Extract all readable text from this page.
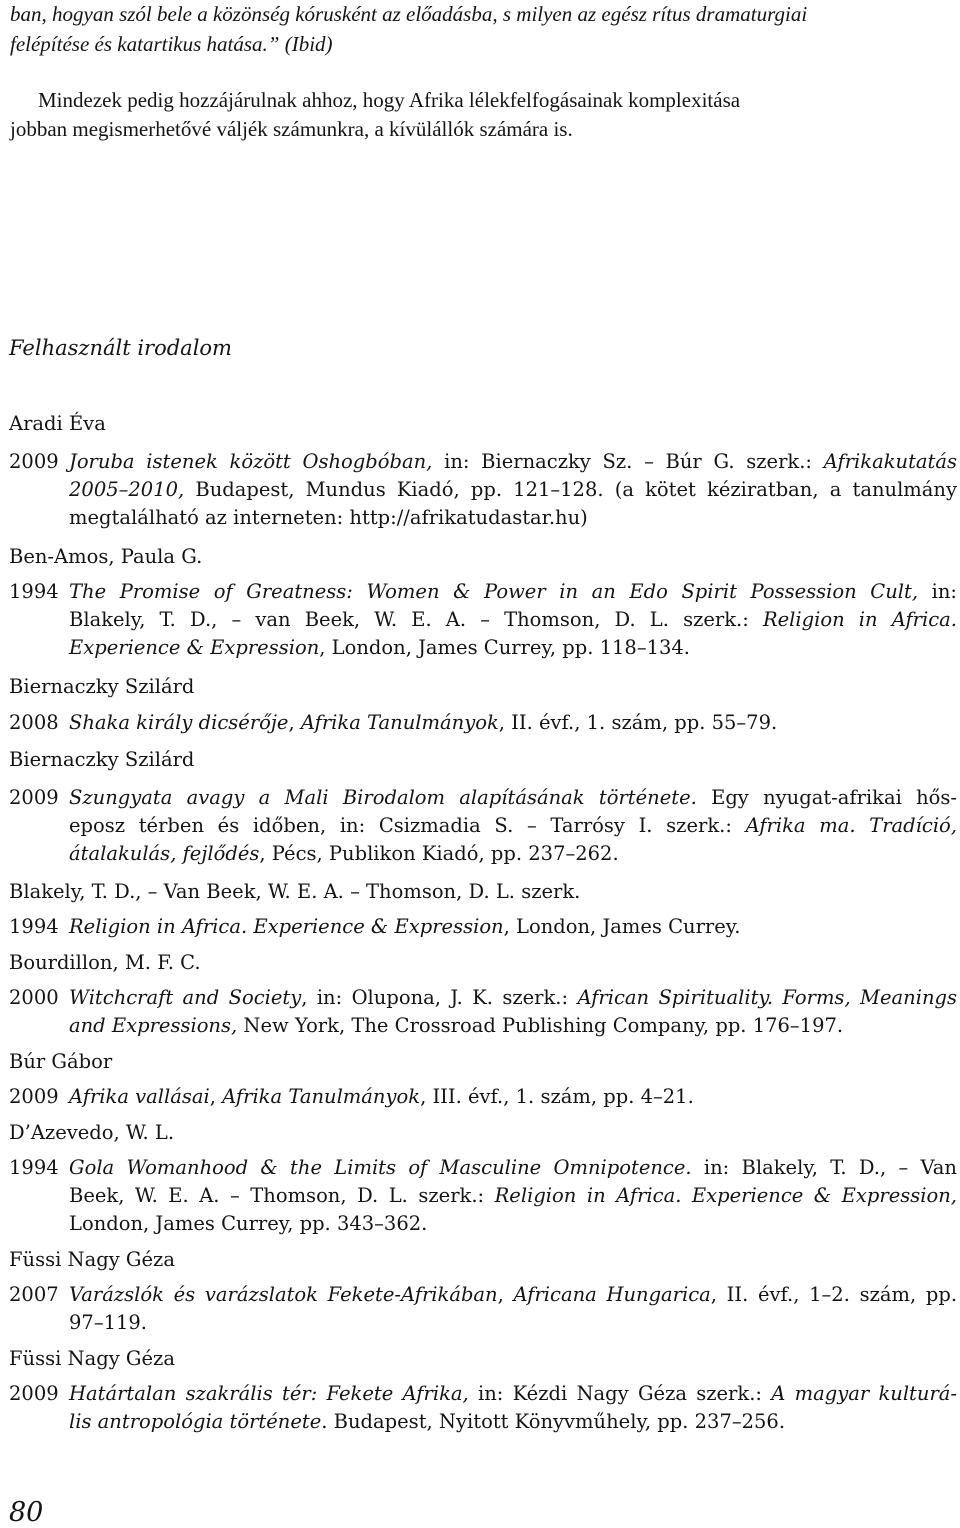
ban, hogyan szól bele a közönség kórusként az előadásba, s milyen az egész rítus dramaturgiai
felépítése és katartikus hatása.” (Ibid)
Mindezek pedig hozzájárulnak ahhoz, hogy Afrika lélekfelfogásainak komplexitása
jobban megismerhetővé váljék számunkra, a kívülállók számára is.
Felhasznált irodalom
Aradi Éva
2009 Joruba istenek között Oshogbóban, in: Biernaczky Sz. – Búr G. szerk.: Afrikakutatás
2005–2010, Budapest, Mundus Kiadó, pp. 121–128. (a kötet kéziratban, a tanulmány
megtalálható az interneten: http://afrikatudastar.hu)
Ben-Amos, Paula G.
1994 The Promise of Greatness: Women & Power in an Edo Spirit Possession Cult, in:
Blakely, T. D., – van Beek, W. E. A. – Thomson, D. L. szerk.: Religion in Africa.
Experience & Expression, London, James Currey, pp. 118–134.
Biernaczky Szilárd
2008 Shaka király dicsérője, Afrika Tanulmányok, II. évf., 1. szám, pp. 55–79.
Biernaczky Szilárd
2009 Szungyata avagy a Mali Birodalom alapításának története. Egy nyugat-afrikai hős-
eposz térben és időben, in: Csizmadia S. – Tarrósy I. szerk.: Afrika ma. Tradíció,
átalakulás, fejlődés, Pécs, Publikon Kiadó, pp. 237–262.
Blakely, T. D., – Van Beek, W. E. A. – Thomson, D. L. szerk.
1994 Religion in Africa. Experience & Expression, London, James Currey.
Bourdillon, M. F. C.
2000 Witchcraft and Society, in: Olupona, J. K. szerk.: African Spirituality. Forms, Meanings
and Expressions, New York, The Crossroad Publishing Company, pp. 176–197.
Búr Gábor
2009 Afrika vallásai, Afrika Tanulmányok, III. évf., 1. szám, pp. 4–21.
D’Azevedo, W. L.
1994 Gola Womanhood & the Limits of Masculine Omnipotence. in: Blakely, T. D., – Van
Beek, W. E. A. – Thomson, D. L. szerk.: Religion in Africa. Experience & Expression,
London, James Currey, pp. 343–362.
Füssi Nagy Géza
2007 Varázslók és varázslatok Fekete-Afrikában, Africana Hungarica, II. évf., 1–2. szám, pp.
97–119.
Füssi Nagy Géza
2009 Határtalan szakrális tér: Fekete Afrika, in: Kézdi Nagy Géza szerk.: A magyar kulturá-
lis antropológia története. Budapest, Nyitott Könyvműhely, pp. 237–256.
80
